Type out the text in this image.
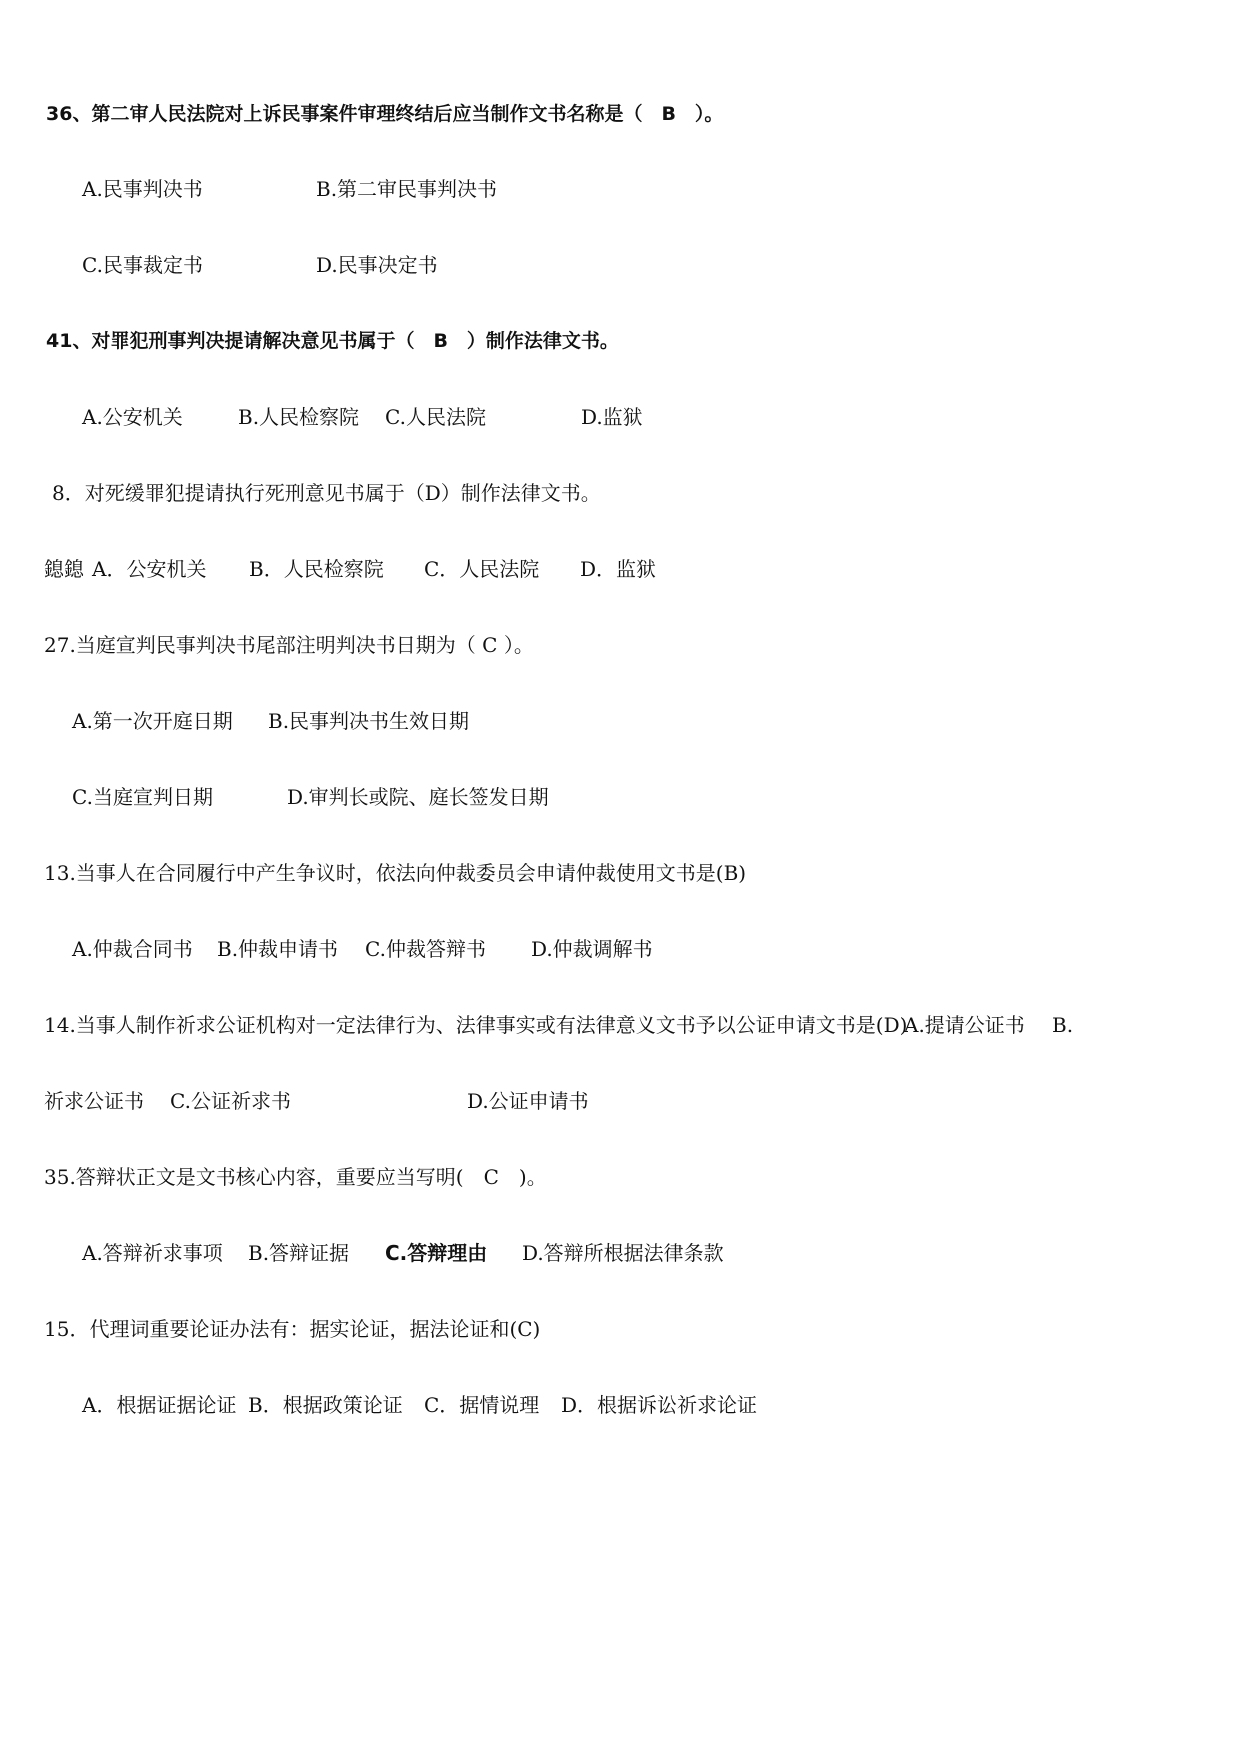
36、第二审人民法院对上诉民事案件审理终结后应当制作文书名称是（　B　）。

A.民事判决书

	B.第二审民事判决书

C.民事裁定书

	D.民事决定书

41、对罪犯刑事判决提请解决意见书属于（　B　）制作法律文书。

A.公安机关

	B.人民检察院

C.人民法院

	D.监狱

8．对死缓罪犯提请执行死刑意见书属于（D）制作法律文书。

鎴鎴

A．公安机关

B．人民检察院

C．人民法院

D．监狱

27.当庭宣判民事判决书尾部注明判决书日期为（ C ）。

A.第一次开庭日期

B.民事判决书生效日期

C.当庭宣判日期

	D.审判长或院、庭长签发日期

13.当事人在合同履行中产生争议时，依法向仲裁委员会申请仲裁使用文书是(B)

A.仲裁合同书

B.仲裁申请书

C.仲裁答辩书

D.仲裁调解书

14.当事人制作祈求公证机构对一定法律行为、法律事实或有法律意义文书予以公证申请文书是(D)

A.提请公证书

B.

祈求公证书

C.公证祈求书

	D.公证申请书

35.答辩状正文是文书核心内容，重要应当写明(　C　)。

A.答辩祈求事项

B.答辩证据

C.答辩理由

D.答辩所根据法律条款

15．代理词重要论证办法有：据实论证，据法论证和(C)

A．根据证据论证

B．根据政策论证

C．据情说理

D．根据诉讼祈求论证
